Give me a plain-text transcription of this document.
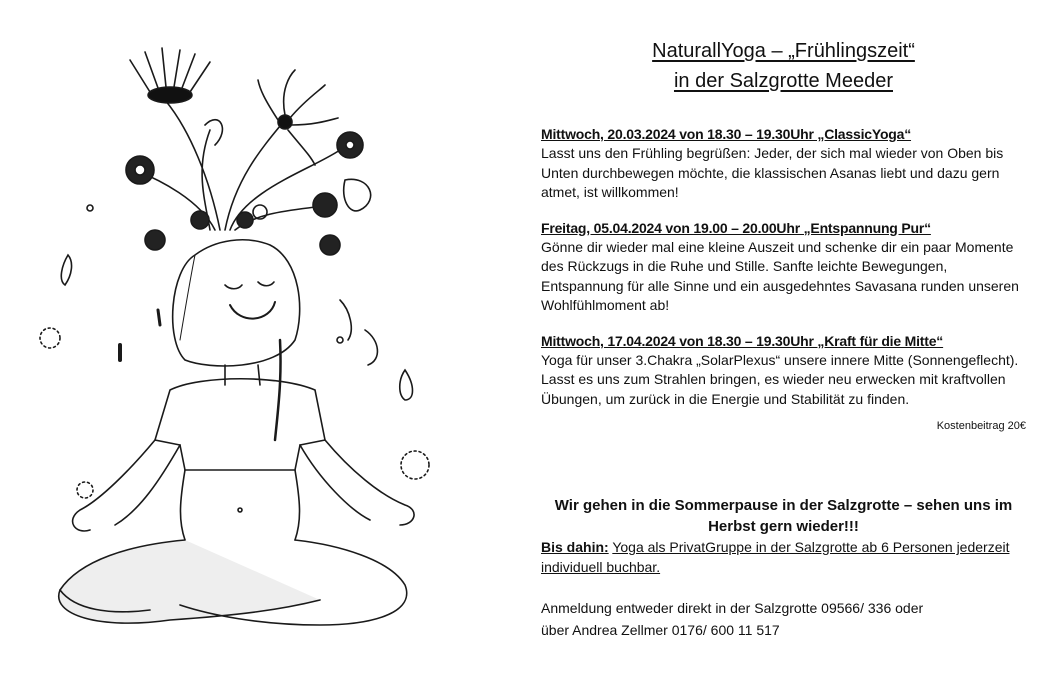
NaturallYoga – „Frühlingszeit“
in der Salzgrotte Meeder
Mittwoch, 20.03.2024 von 18.30 – 19.30Uhr „ClassicYoga“

Lasst uns den Frühling begrüßen: Jeder, der sich mal wieder von Oben bis Unten durchbewegen möchte, die klassischen Asanas liebt und dazu gern atmet, ist willkommen!

Freitag, 05.04.2024 von 19.00 – 20.00Uhr „Entspannung Pur“

Gönne dir wieder mal eine kleine Auszeit und schenke dir ein paar Momente des Rückzugs in die Ruhe und Stille. Sanfte leichte Bewegungen, Entspannung für alle Sinne und ein ausgedehntes Savasana runden unseren Wohlfühlmoment ab!

Mittwoch, 17.04.2024 von 18.30 – 19.30Uhr „Kraft für die Mitte“

Yoga für unser 3.Chakra „SolarPlexus“ unsere innere Mitte (Sonnengeflecht). Lasst es uns zum Strahlen bringen, es wieder neu erwecken mit kraftvollen Übungen, um zurück in die Energie und Stabilität zu finden.

Kostenbeitrag 20€
Wir gehen in die Sommerpause in der Salzgrotte – sehen uns im Herbst gern wieder!!!
Bis dahin: Yoga als PrivatGruppe in der Salzgrotte ab 6 Personen jederzeit individuell buchbar.
Anmeldung entweder direkt in der Salzgrotte 09566/ 336 oder
über Andrea Zellmer 0176/ 600 11 517
